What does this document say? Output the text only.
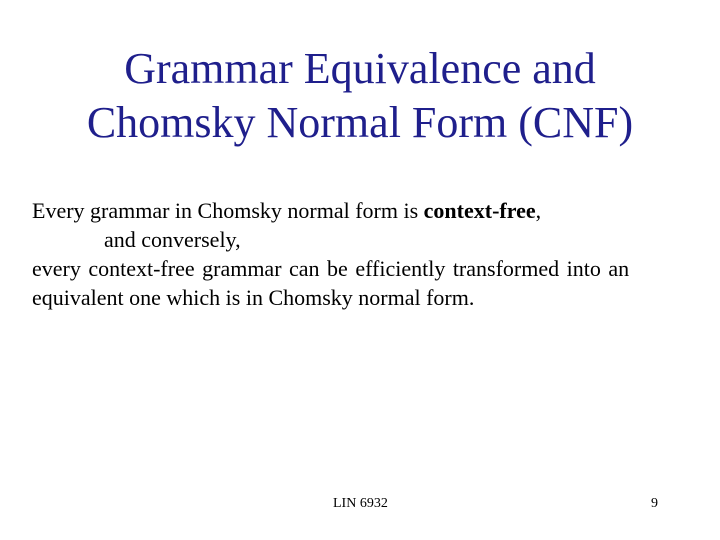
Grammar Equivalence and
Chomsky Normal Form (CNF)
Every grammar in Chomsky normal form is context-free,
and conversely,
every context-free grammar can be efficiently transformed into an
equivalent one which is in Chomsky normal form.
LIN 6932	9
